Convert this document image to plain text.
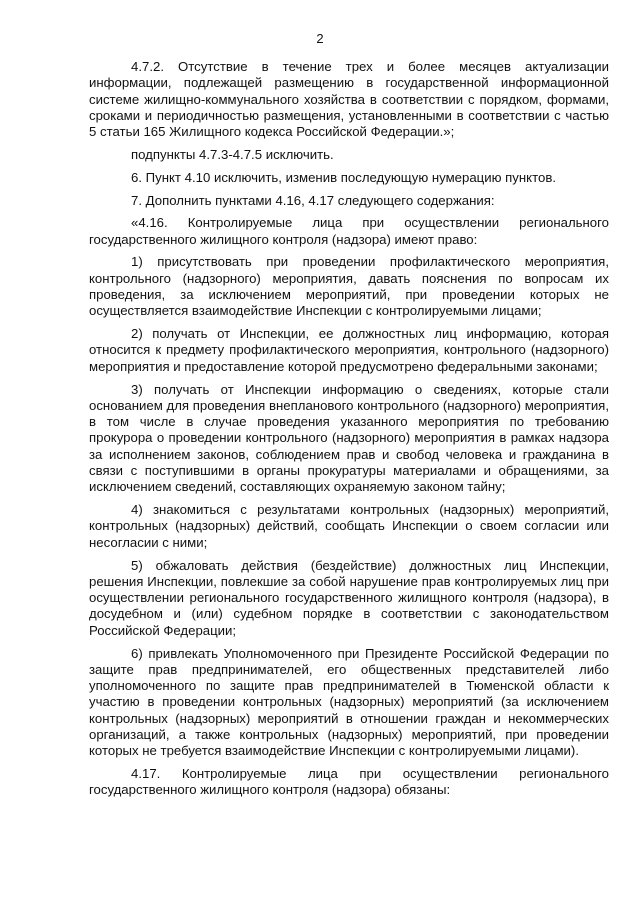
2

4.7.2. Отсутствие в течение трех и более месяцев актуализации информации, подлежащей размещению в государственной информационной системе жилищно-коммунального хозяйства в соответствии с порядком, формами, сроками и периодичностью размещения, установленными в соответствии с частью 5 статьи 165 Жилищного кодекса Российской Федерации.»;

подпункты 4.7.3-4.7.5 исключить.

6. Пункт 4.10 исключить, изменив последующую нумерацию пунктов.

7. Дополнить пунктами 4.16, 4.17 следующего содержания:

«4.16. Контролируемые лица при осуществлении регионального государственного жилищного контроля (надзора) имеют право:

1) присутствовать при проведении профилактического мероприятия, контрольного (надзорного) мероприятия, давать пояснения по вопросам их проведения, за исключением мероприятий, при проведении которых не осуществляется взаимодействие Инспекции с контролируемыми лицами;

2) получать от Инспекции, ее должностных лиц информацию, которая относится к предмету профилактического мероприятия, контрольного (надзорного) мероприятия и предоставление которой предусмотрено федеральными законами;

3) получать от Инспекции информацию о сведениях, которые стали основанием для проведения внепланового контрольного (надзорного) мероприятия, в том числе в случае проведения указанного мероприятия по требованию прокурора о проведении контрольного (надзорного) мероприятия в рамках надзора за исполнением законов, соблюдением прав и свобод человека и гражданина в связи с поступившими в органы прокуратуры материалами и обращениями, за исключением сведений, составляющих охраняемую законом тайну;

4) знакомиться с результатами контрольных (надзорных) мероприятий, контрольных (надзорных) действий, сообщать Инспекции о своем согласии или несогласии с ними;

5) обжаловать действия (бездействие) должностных лиц Инспекции, решения Инспекции, повлекшие за собой нарушение прав контролируемых лиц при осуществлении регионального государственного жилищного контроля (надзора), в досудебном и (или) судебном порядке в соответствии с законодательством Российской Федерации;

6) привлекать Уполномоченного при Президенте Российской Федерации по защите прав предпринимателей, его общественных представителей либо уполномоченного по защите прав предпринимателей в Тюменской области к участию в проведении контрольных (надзорных) мероприятий (за исключением контрольных (надзорных) мероприятий в отношении граждан и некоммерческих организаций, а также контрольных (надзорных) мероприятий, при проведении которых не требуется взаимодействие Инспекции с контролируемыми лицами).

4.17. Контролируемые лица при осуществлении регионального государственного жилищного контроля (надзора) обязаны:
